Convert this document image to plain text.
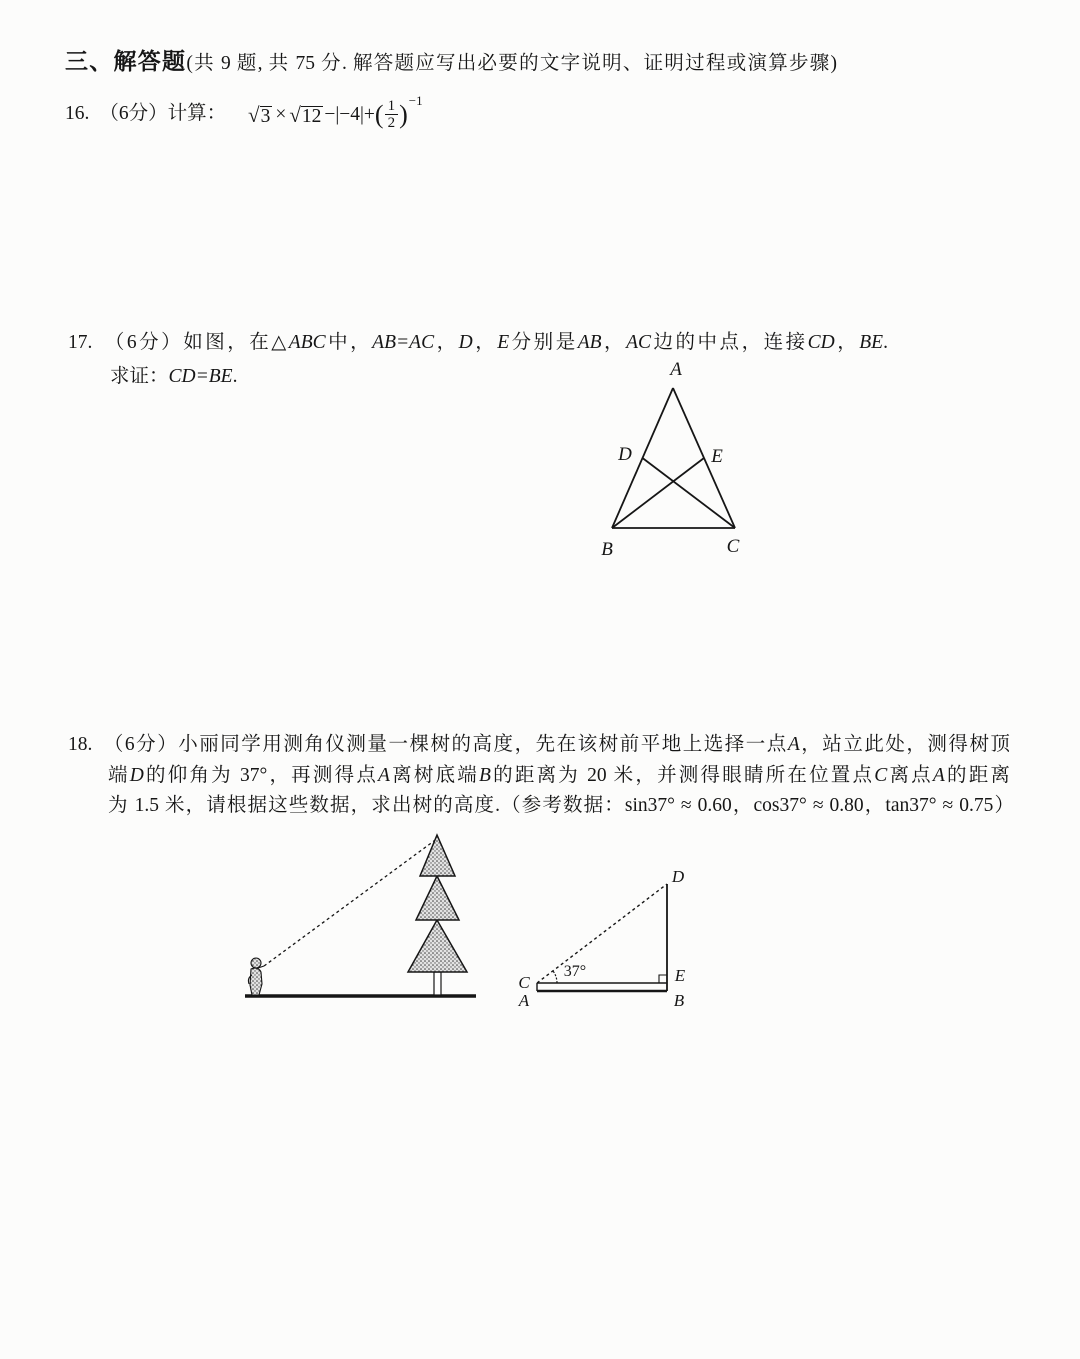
A
D	E
B	C
37°
D
C	E
A	B
三、解答题(共 9 题, 共 75 分. 解答题应写出必要的文字说明、证明过程或演算步骤)
16. （6分）计算： √ 3 × √ 12 −|−4|+ ( $\frac{1}{2}$ ) −1
17. （6分）如图，在△ABC中，AB=AC，D，E分别是AB，AC边的中点，连接CD，BE.
求证：CD=BE.
18. （6分）小丽同学用测角仪测量一棵树的高度，先在该树前平地上选择一点A，站立此处，测得树顶
端D的仰角为 37°，再测得点A离树底端B的距离为 20 米，并测得眼睛所在位置点C离点A的距离
为 1.5 米，请根据这些数据，求出树的高度.（参考数据：sin37° ≈ 0.60，cos37° ≈ 0.80，tan37° ≈ 0.75）
